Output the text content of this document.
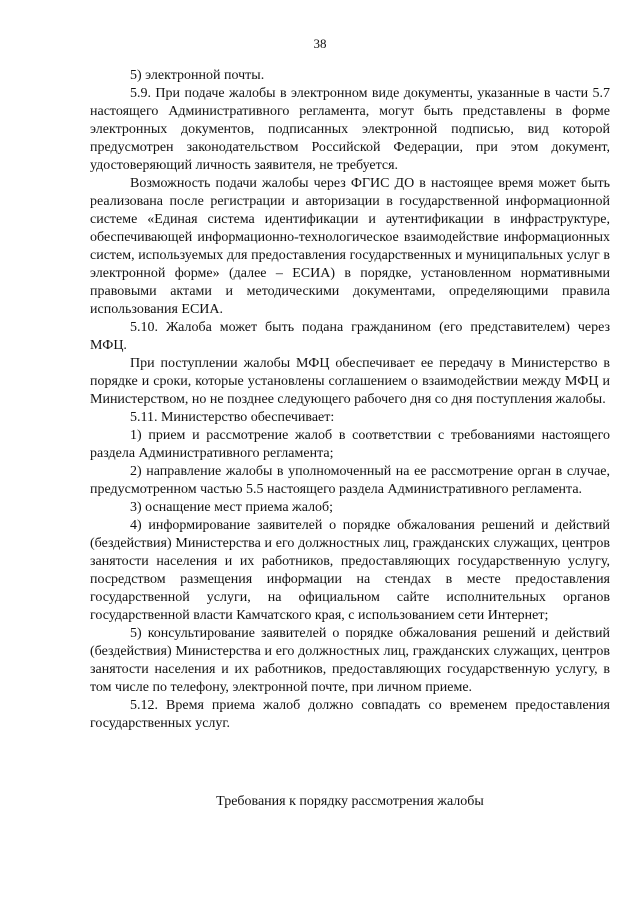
38

5) электронной почты.

5.9. При подаче жалобы в электронном виде документы, указанные в части 5.7 настоящего Административного регламента, могут быть представлены в форме электронных документов, подписанных электронной подписью, вид которой предусмотрен законодательством Российской Федерации, при этом документ, удостоверяющий личность заявителя, не требуется.

Возможность подачи жалобы через ФГИС ДО в настоящее время может быть реализована после регистрации и авторизации в государственной информационной системе «Единая система идентификации и аутентификации в инфраструктуре, обеспечивающей информационно-технологическое взаимодействие информационных систем, используемых для предоставления государственных и муниципальных услуг в электронной форме» (далее – ЕСИА) в порядке, установленном нормативными правовыми актами и методическими документами, определяющими правила использования ЕСИА.

5.10. Жалоба может быть подана гражданином (его представителем) через МФЦ.

При поступлении жалобы МФЦ обеспечивает ее передачу в Министерство в порядке и сроки, которые установлены соглашением о взаимодействии между МФЦ и Министерством, но не позднее следующего рабочего дня со дня поступления жалобы.

5.11. Министерство обеспечивает:

1) прием и рассмотрение жалоб в соответствии с требованиями настоящего раздела Административного регламента;

2) направление жалобы в уполномоченный на ее рассмотрение орган в случае, предусмотренном частью 5.5 настоящего раздела Административного регламента.

3) оснащение мест приема жалоб;

4) информирование заявителей о порядке обжалования решений и действий (бездействия) Министерства и его должностных лиц, гражданских служащих, центров занятости населения и их работников, предоставляющих государственную услугу, посредством размещения информации на стендах в месте предоставления государственной услуги, на официальном сайте исполнительных органов государственной власти Камчатского края, с использованием сети Интернет;

5) консультирование заявителей о порядке обжалования решений и действий (бездействия) Министерства и его должностных лиц, гражданских служащих, центров занятости населения и их работников, предоставляющих государственную услугу, в том числе по телефону, электронной почте, при личном приеме.

5.12. Время приема жалоб должно совпадать со временем предоставления государственных услуг.

Требования к порядку рассмотрения жалобы
